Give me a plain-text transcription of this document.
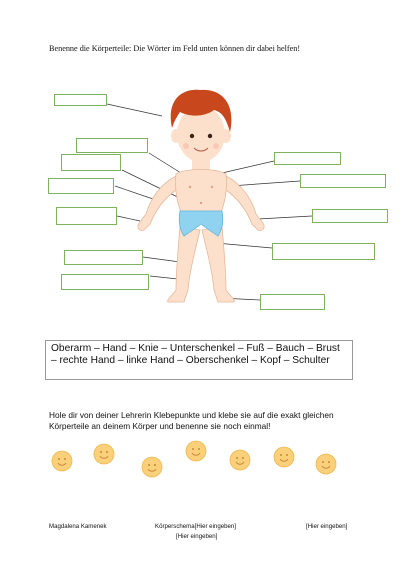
Benenne die Körperteile: Die Wörter im Feld unten können dir dabei helfen!
Oberarm – Hand – Knie – Unterschenkel – Fuß – Bauch – Brust – rechte Hand – linke Hand – Oberschenkel – Kopf – Schulter
Hole dir von deiner Lehrerin Klebepunkte und klebe sie auf die exakt gleichen Körperteile an deinem Körper und benenne sie noch einmal!
Magdalena Kamenek	Körperschema[Hier eingeben]
[Hier eingeben]
[Hier eingeben]
